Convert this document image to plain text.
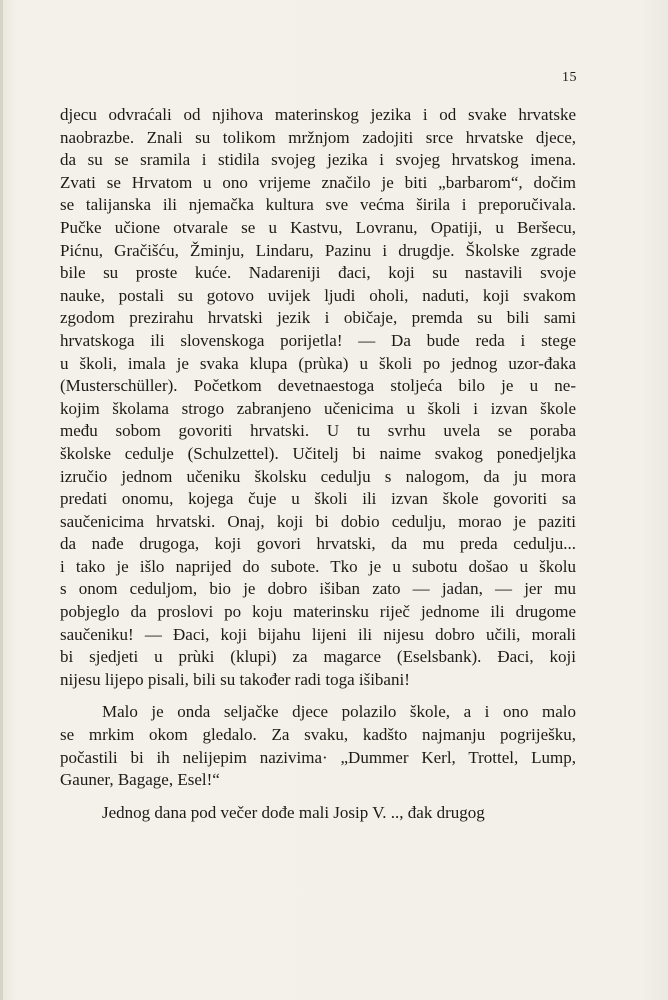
15
djecu odvraćali od njihova materinskog jezika i od svake hrvatske
naobrazbe. Znali su tolikom mržnjom zadojiti srce hrvatske djece,
da su se sramila i stidila svojeg jezika i svojeg hrvatskog imena.
Zvati se Hrvatom u ono vrijeme značilo je biti „barbarom“, dočim
se talijanska ili njemačka kultura sve većma širila i preporučivala.
Pučke učione otvarale se u Kastvu, Lovranu, Opatiji, u Beršecu,
Pićnu, Gračišću, Žminju, Lindaru, Pazinu i drugdje. Školske zgrade
bile su proste kuće. Nadareniji đaci, koji su nastavili svoje
nauke, postali su gotovo uvijek ljudi oholi, naduti, koji svakom
zgodom prezirahu hrvatski jezik i običaje, premda su bili sami
hrvatskoga ili slovenskoga porijetla! — Da bude reda i stege
u školi, imala je svaka klupa (prùka) u školi po jednog uzor-đaka
(Musterschüller). Početkom devetnaestoga stoljeća bilo je u ne-
kojim školama strogo zabranjeno učenicima u školi i izvan škole
među sobom govoriti hrvatski. U tu svrhu uvela se poraba
školske cedulje (Schulzettel). Učitelj bi naime svakog ponedjeljka
izručio jednom učeniku školsku cedulju s nalogom, da ju mora
predati onomu, kojega čuje u školi ili izvan škole govoriti sa
saučenicima hrvatski. Onaj, koji bi dobio cedulju, morao je paziti
da nađe drugoga, koji govori hrvatski, da mu preda cedulju...
i tako je išlo naprijed do subote. Tko je u subotu došao u školu
s onom ceduljom, bio je dobro išiban zato — jadan, — jer mu
pobjeglo da proslovi po koju materinsku riječ jednome ili drugome
saučeniku! — Đaci, koji bijahu lijeni ili nijesu dobro učili, morali
bi sjedjeti u prùki (klupi) za magarce (Eselsbank). Đaci, koji
nijesu lijepo pisali, bili su također radi toga išibani!
Malo je onda seljačke djece polazilo škole, a i ono malo
se mrkim okom gledalo. Za svaku, kadšto najmanju pogriješku,
počastili bi ih nelijepim nazivima· „Dummer Kerl, Trottel, Lump,
Gauner, Bagage, Esel!“
Jednog dana pod večer dođe mali Josip V. .., đak drugog
